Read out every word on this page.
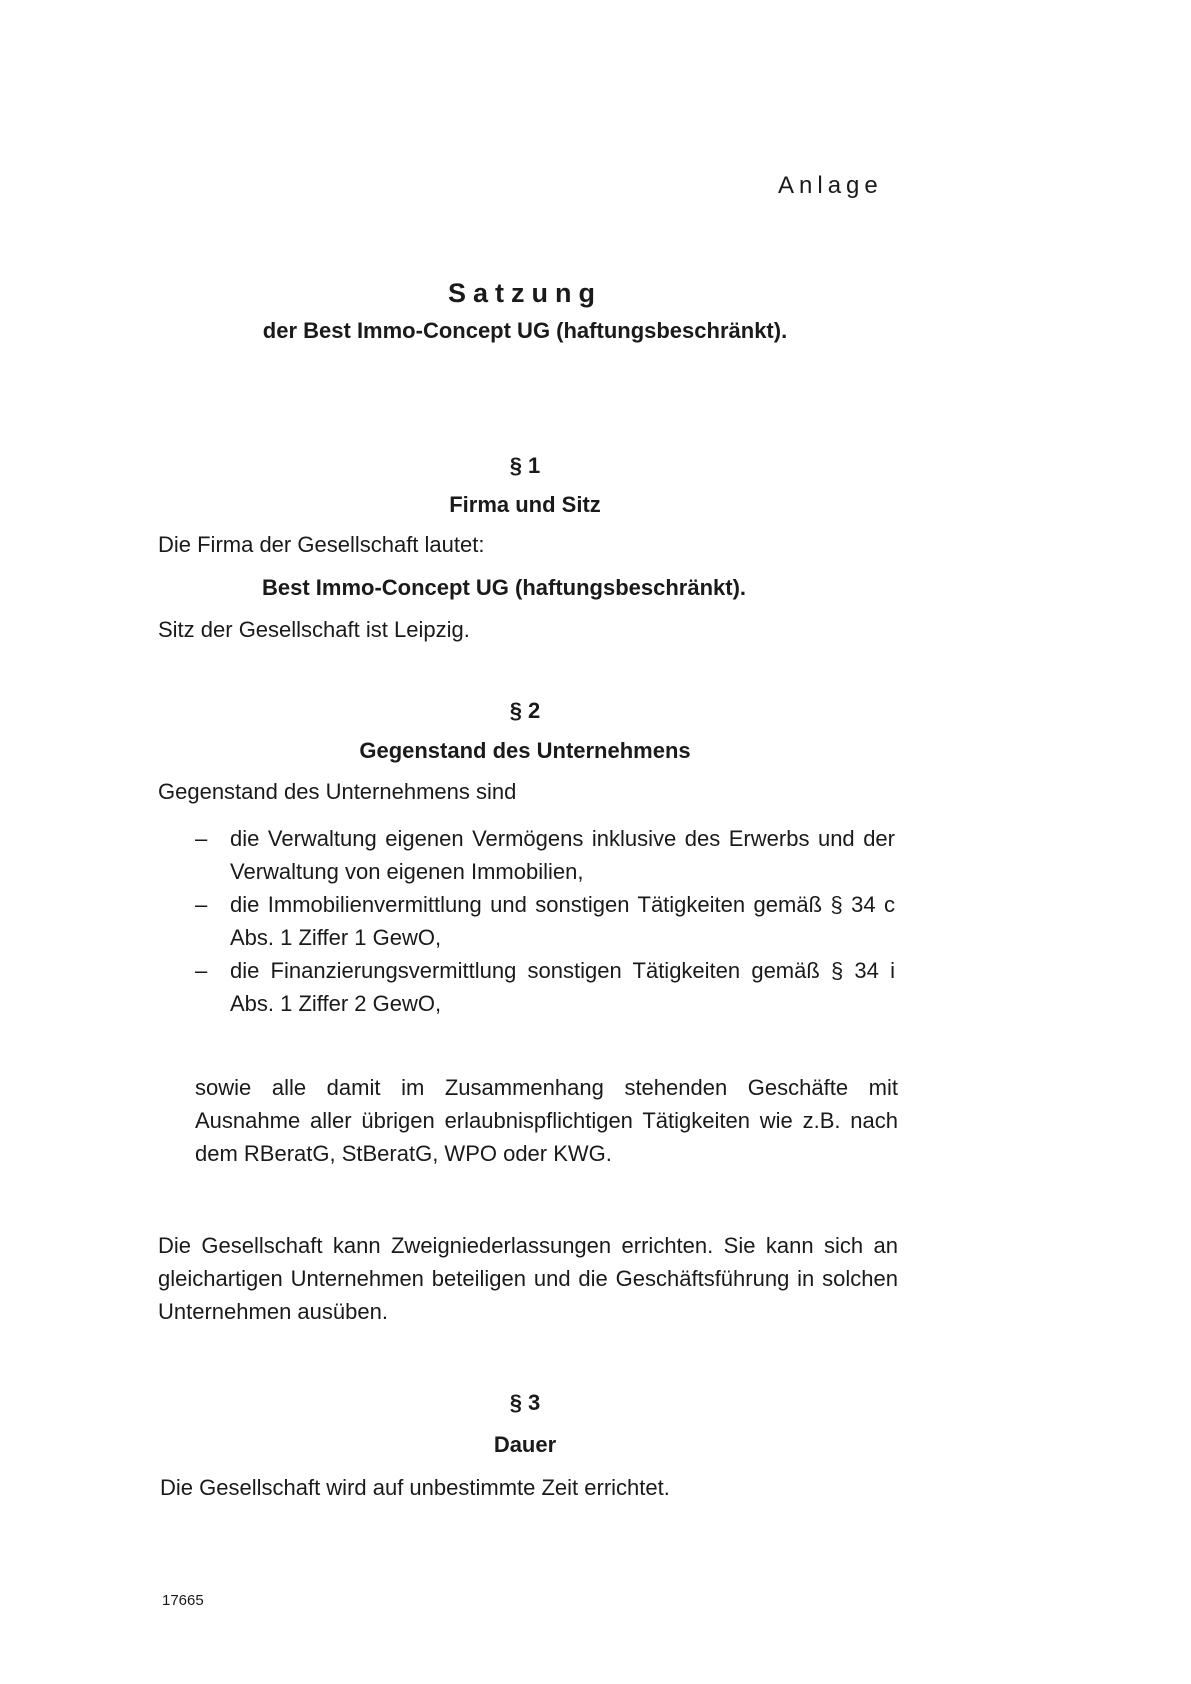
Anlage
Satzung
der Best Immo-Concept UG (haftungsbeschränkt).
§ 1
Firma und Sitz
Die Firma der Gesellschaft lautet:
Best Immo-Concept UG (haftungsbeschränkt).
Sitz der Gesellschaft ist Leipzig.
§ 2
Gegenstand des Unternehmens
Gegenstand des Unternehmens sind
– die Verwaltung eigenen Vermögens inklusive des Erwerbs und der Verwaltung von eigenen Immobilien,
– die Immobilienvermittlung und sonstigen Tätigkeiten gemäß § 34 c Abs. 1 Ziffer 1 GewO,
– die Finanzierungsvermittlung sonstigen Tätigkeiten gemäß § 34 i Abs. 1 Ziffer 2 GewO,
sowie alle damit im Zusammenhang stehenden Geschäfte mit Ausnahme aller übrigen erlaubnispflichtigen Tätigkeiten wie z.B. nach dem RBeratG, StBeratG, WPO oder KWG.
Die Gesellschaft kann Zweigniederlassungen errichten. Sie kann sich an gleichartigen Unternehmen beteiligen und die Geschäftsführung in solchen Unternehmen ausüben.
§ 3
Dauer
Die Gesellschaft wird auf unbestimmte Zeit errichtet.
17665
